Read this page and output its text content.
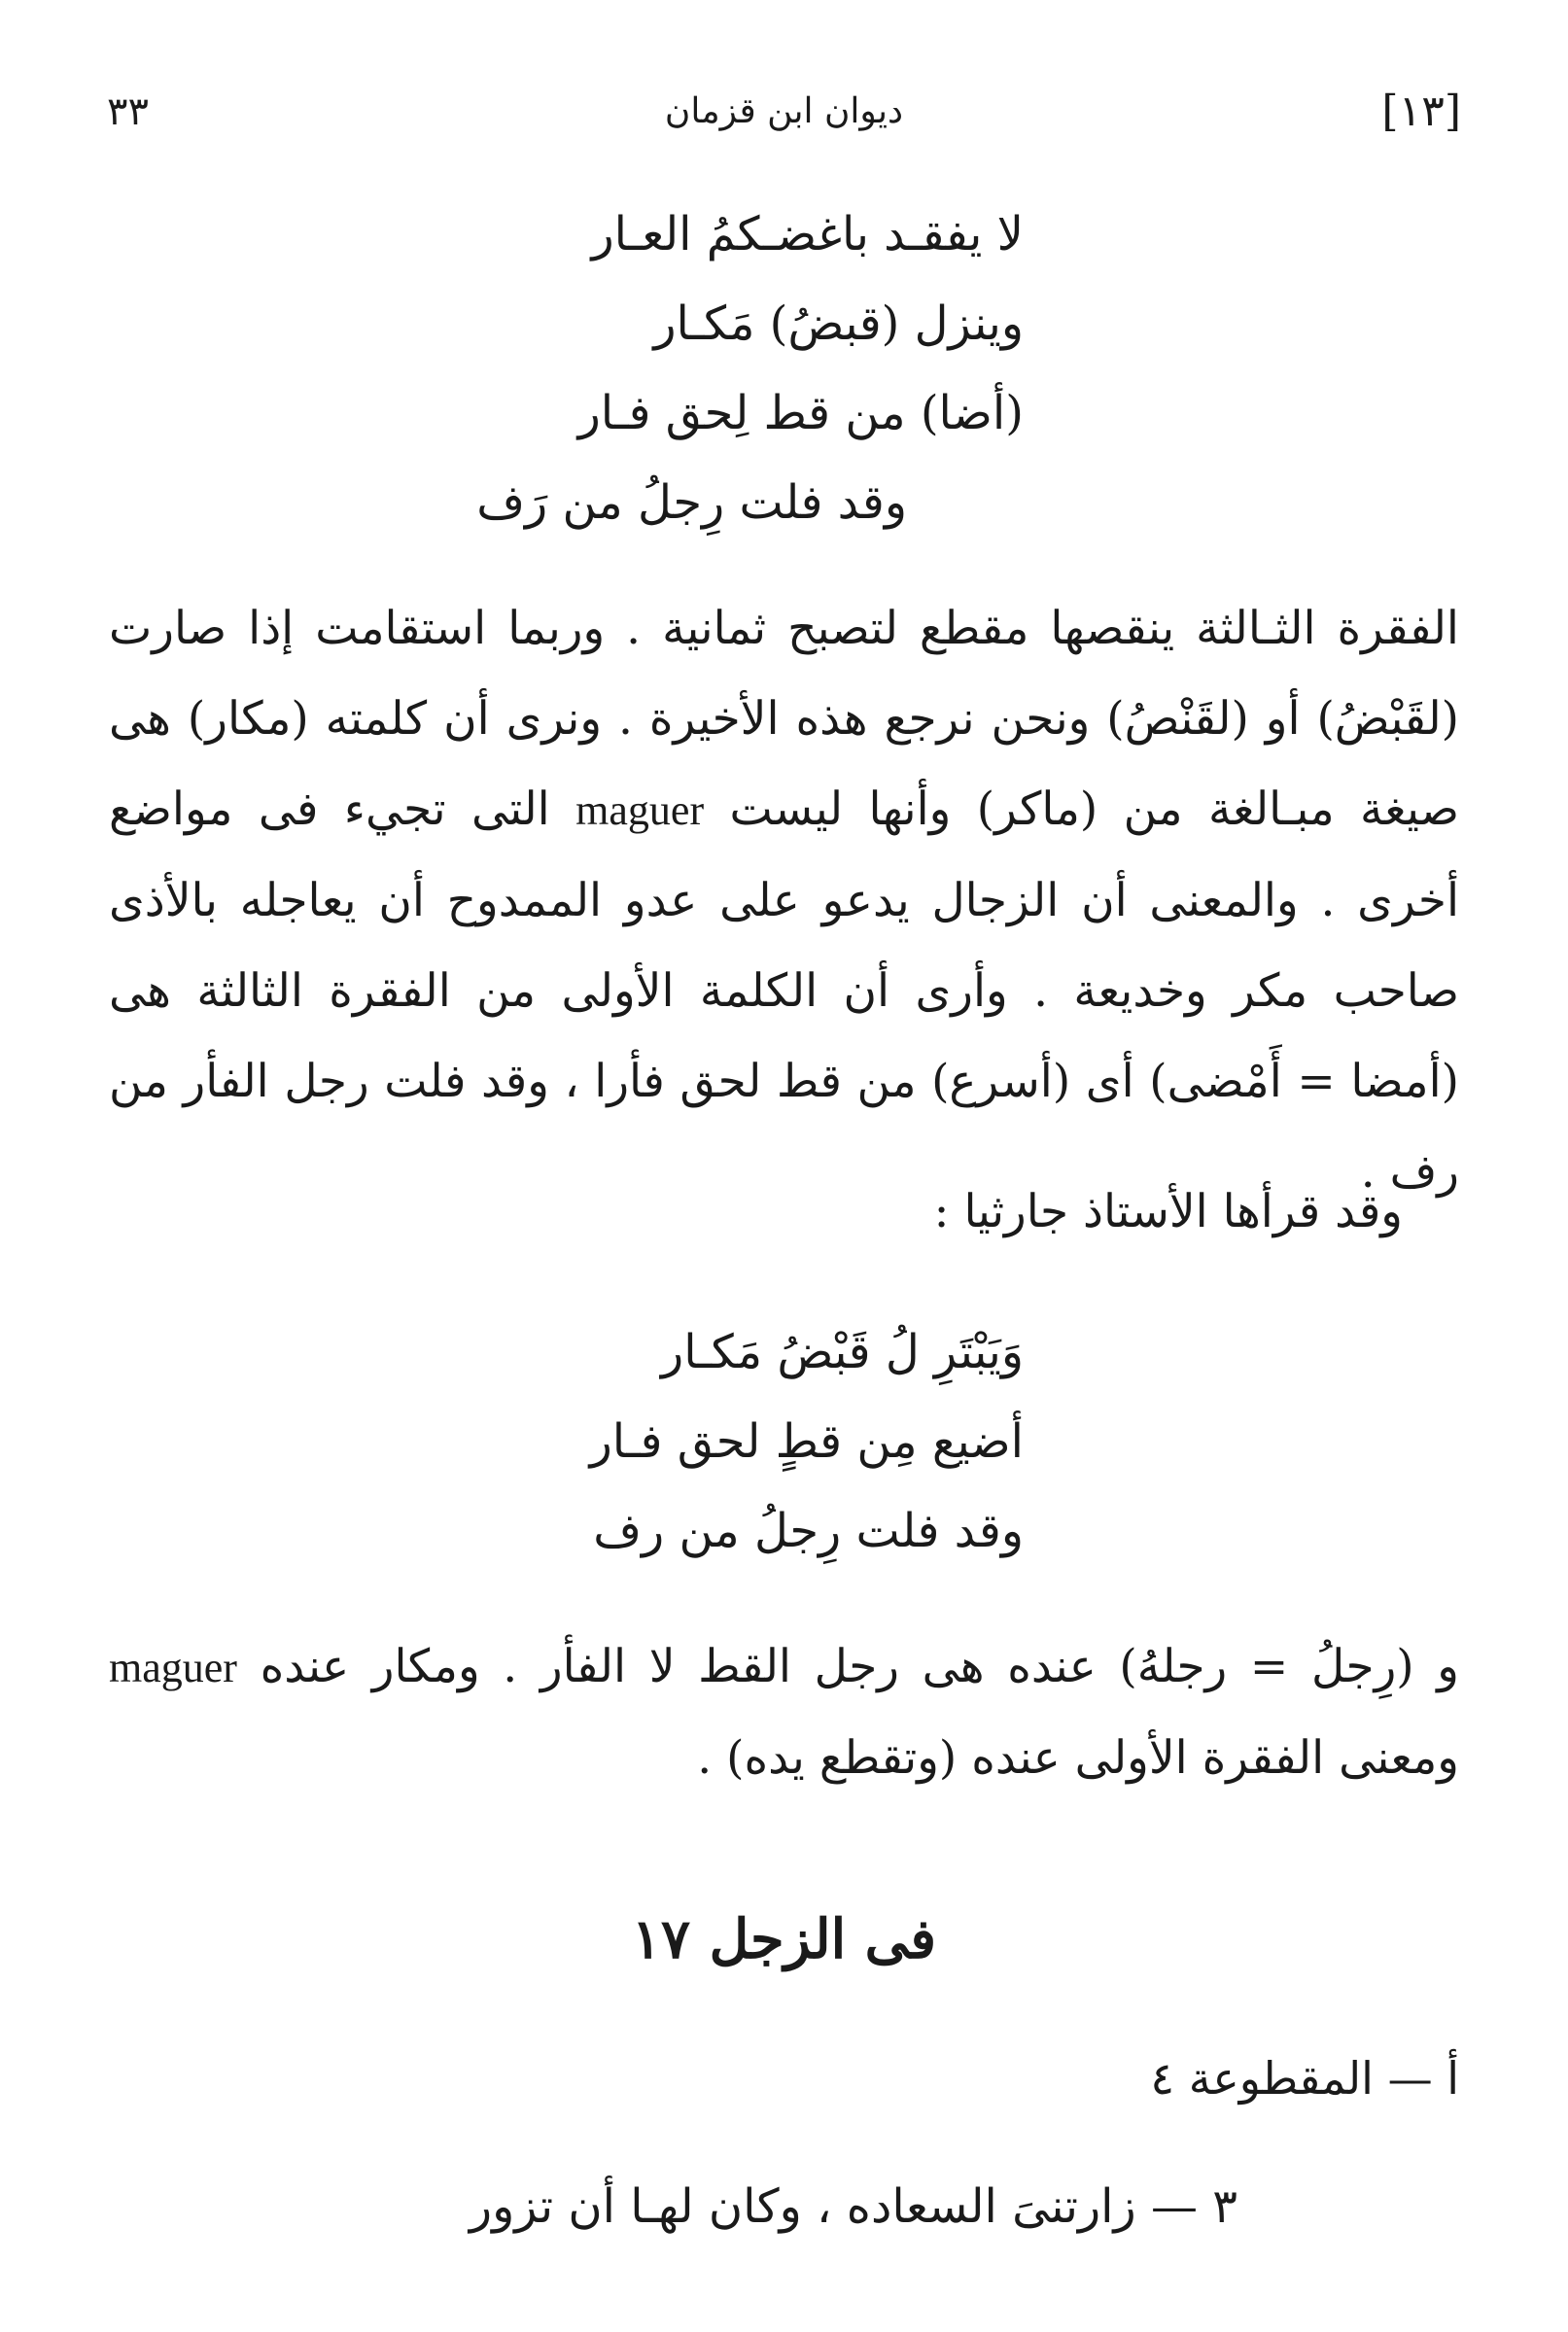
[١٣]
ديوان ابن قزمان
٣٣
لا يفقـد باغضـكمُ العـار
وينزل (قبضُ) مَكـار
(أضا) من قط لِحق فـار
وقد فلت رِجلُ من رَف
الفقرة الثـالثة ينقصها مقطع لتصبح ثمانية . وربما استقامت إذا صارت (لقَبْضُ) أو (لقَنْصُ) ونحن نرجع هذه الأخيرة . ونرى أن كلمته (مكار) هى صيغة مبـالغة من (ماكر) وأنها ليست maguer التى تجيء فى مواضع أخرى . والمعنى أن الزجال يدعو على عدو الممدوح أن يعاجله بالأذى صاحب مكر وخديعة . وأرى أن الكلمة الأولى من الفقرة الثالثة هى (أمضا = أَمْضى) أى (أسرع) من قط لحق فأرا ، وقد فلت رجل الفأر من رف .
وقد قرأها الأستاذ جارثيا :
وَيَبْتَرِ لُ قَبْضُ مَكـار
أضيع مِن قطٍ لحق فـار
وقد فلت رِجلُ من رف
و (رِجلُ = رجلهُ) عنده هى رجل القط لا الفأر . ومكار عنده maguer ومعنى الفقرة الأولى عنده (وتقطع يده) .
فى الزجل ١٧
أ — المقطوعة ٤
٣ — زارتنىَ السعاده ، وكان لهـا أن تزور
